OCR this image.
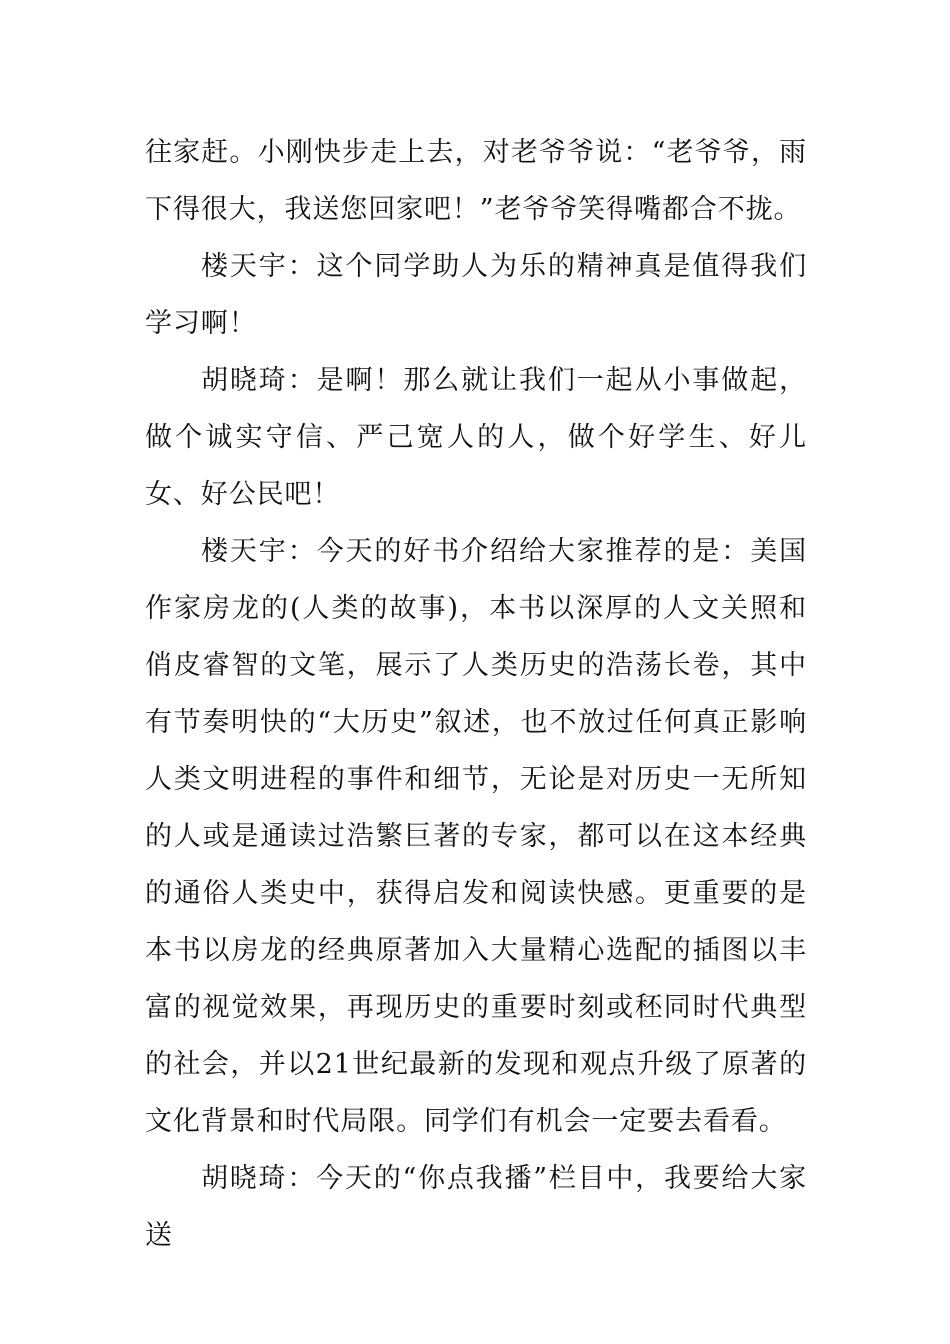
往家赶。小刚快步走上去，对老爷爷说：“老爷爷，雨下得很大，我送您回家吧！”老爷爷笑得嘴都合不拢。

楼天宇：这个同学助人为乐的精神真是值得我们学习啊！

胡晓琦：是啊！那么就让我们一起从小事做起，做个诚实守信、严己宽人的人，做个好学生、好儿女、好公民吧！

楼天宇：今天的好书介绍给大家推荐的是：美国作家房龙的(人类的故事)，本书以深厚的人文关照和俏皮睿智的文笔，展示了人类历史的浩荡长卷，其中有节奏明快的“大历史”叙述，也不放过任何真正影响人类文明进程的事件和细节，无论是对历史一无所知的人或是通读过浩繁巨著的专家，都可以在这本经典的通俗人类史中，获得启发和阅读快感。更重要的是本书以房龙的经典原著加入大量精心选配的插图以丰富的视觉效果，再现历史的重要时刻或秠同时代典型的社会，并以21世纪最新的发现和观点升级了原著的文化背景和时代局限。同学们有机会一定要去看看。

胡晓琦：今天的“你点我播”栏目中，我要给大家送
